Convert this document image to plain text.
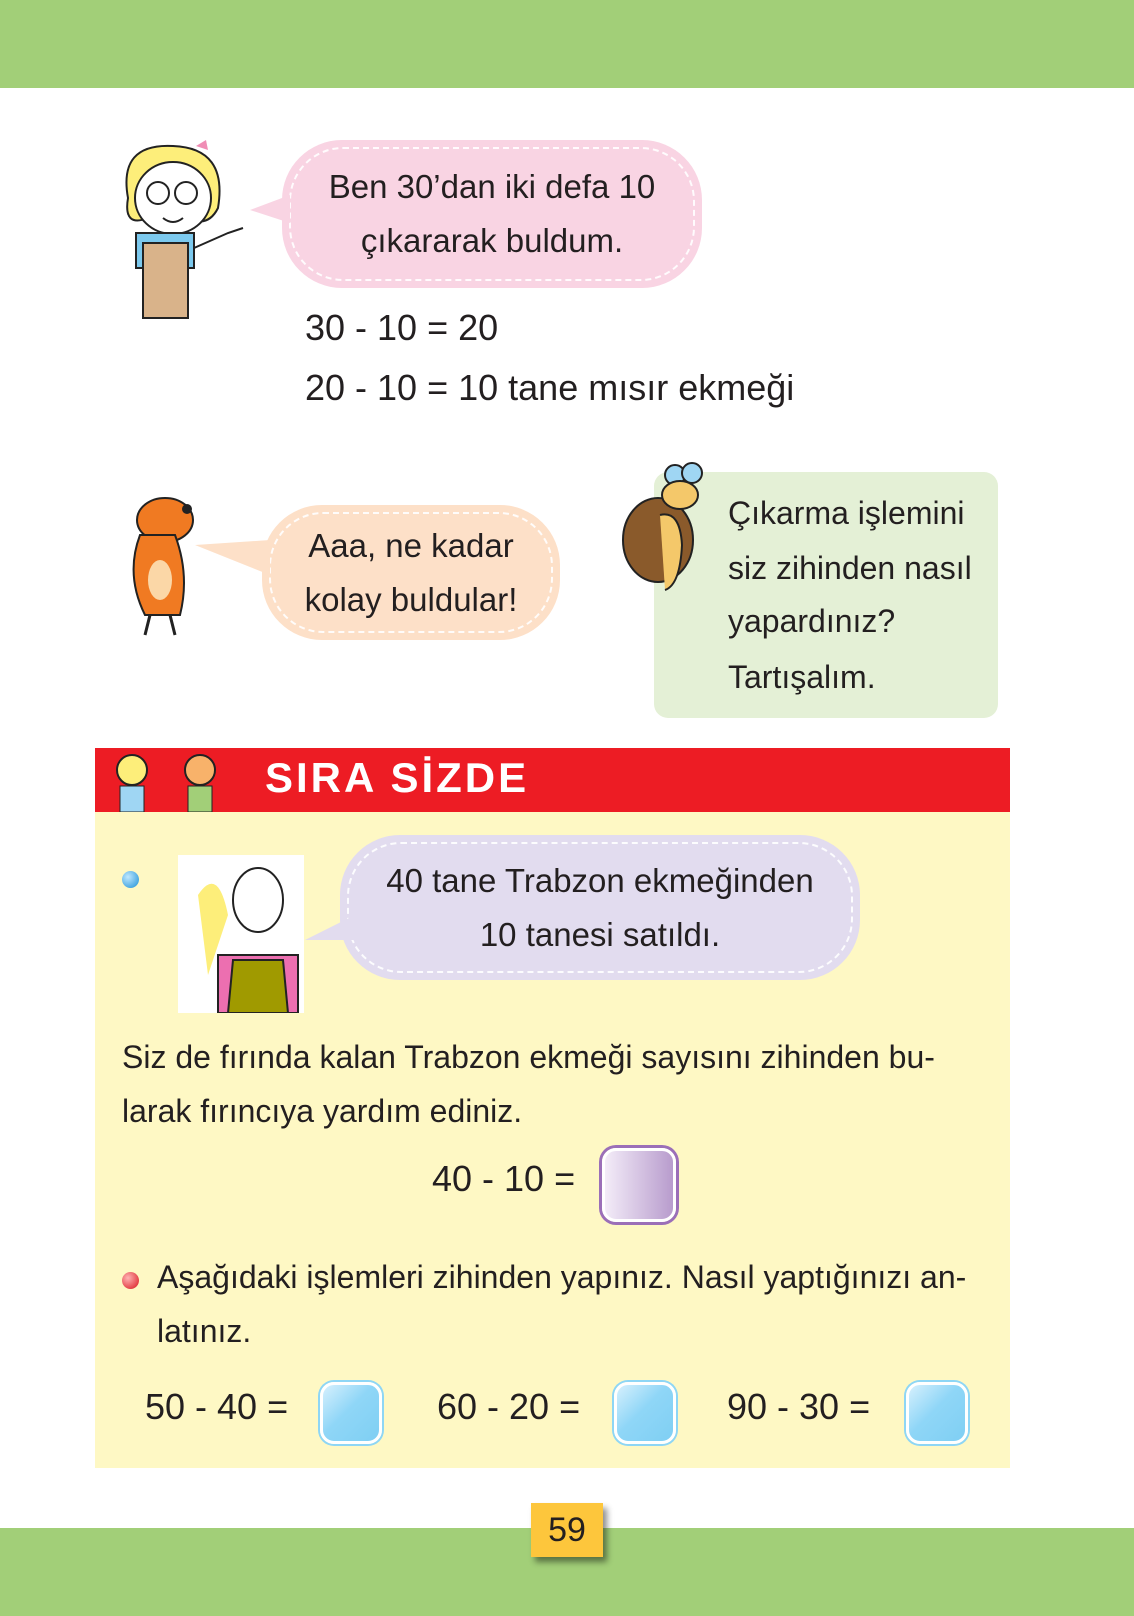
Ben 30’dan iki defa 10
çıkararak buldum.
30 - 10 = 20
20 - 10 = 10 tane mısır ekmeği
Aaa, ne kadar
kolay buldular!
Çıkarma işlemini
siz zihinden nasıl
yapardınız?
Tartışalım.
SIRA SİZDE
40 tane Trabzon ekmeğinden
10 tanesi satıldı.
Siz de fırında kalan Trabzon ekmeği sayısını zihinden bu-
larak fırıncıya yardım ediniz.
40 - 10 =
Aşağıdaki işlemleri zihinden yapınız. Nasıl yaptığınızı an-
latınız.
50 - 40 =	60 - 20 =	90 - 30 =
59
